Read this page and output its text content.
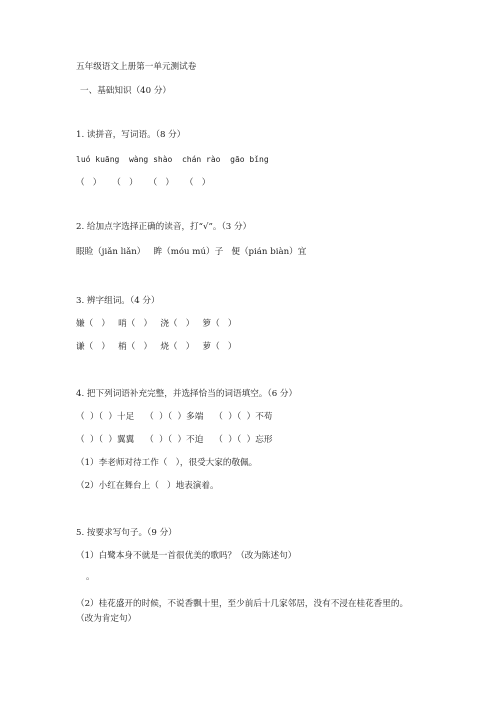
五年级语文上册第一单元测试卷
一、基础知识（40 分）
1. 读拼音，写词语。（8 分）
luó kuāng  wàng shào  chán rào  gāo bǐng
（   ）    （   ）    （   ）    （   ）
2. 给加点字选择正确的读音，打“√”。（3 分）
眼睑（jiǎn liǎn）   眸（móu mú）子   便（pián biàn）宜
3. 辨字组词。（4 分）
嫌（   ）   哨（   ）   浇（   ）   箩（   ）
谦（   ）   梢（   ）   烧（   ）   萝（   ）
4. 把下列词语补充完整，并选择恰当的词语填空。（6 分）
（  ）（  ）十足    （  ）（  ）多端    （  ）（  ）不苟
（  ）（  ）翼翼    （  ）（  ）不迫    （  ）（  ）忘形
（1）李老师对待工作（   ），很受大家的敬佩。
（2）小红在舞台上（   ）地表演着。
5. 按要求写句子。（9 分）
（1）白鹭本身不就是一首很优美的歌吗？（改为陈述句）
。
（2）桂花盛开的时候，不说香飘十里，至少前后十几家邻居，没有不浸在桂花香里的。
（改为肯定句）
